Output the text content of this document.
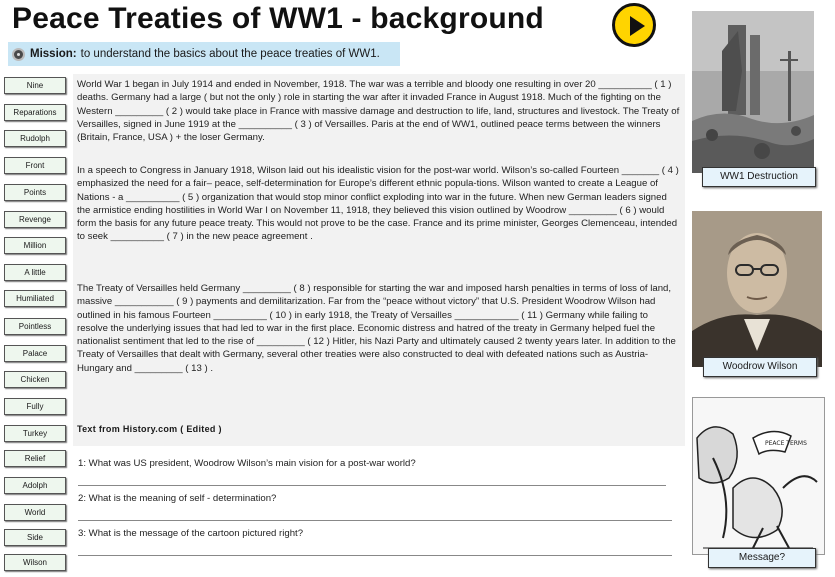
Peace Treaties of WW1 - background
Mission: to understand the basics about the peace treaties of WW1.
Nine
Reparations
Rudolph
Front
Points
Revenge
Million
A little
Humiliated
Pointless
Palace
Chicken
Fully
Turkey
Relief
Adolph
World
Side
Wilson
World War 1 began in July 1914 and ended in November, 1918. The war was a terrible and bloody one resulting in over 20 __________ ( 1 ) deaths. Germany had a large ( but not the only ) role in starting the war after it invaded France in August 1918. Much of the fighting on the Western _________ ( 2 ) would take place in France with massive damage and destruction to life, land, structures and livestock. The Treaty of Versailles, signed in June 1919 at the __________ ( 3 ) of Versailles. Paris at the end of WW1, outlined peace terms between the winners (Britain, France, USA ) + the loser Germany.
In a speech to Congress in January 1918, Wilson laid out his idealistic vision for the post-war world. Wilson’s so-called Fourteen _______ ( 4 ) emphasized the need for a fair– peace, self-determination for Europe’s different ethnic popula-tions. Wilson wanted to create a League of Nations - a __________ ( 5 ) organization that would stop minor conflict exploding into war in the future. When new German leaders signed the armistice ending hostilities in World War I on November 11, 1918, they believed this vision outlined by Woodrow _________ ( 6 ) would form the basis for any future peace treaty. This would not prove to be the case. France and its prime minister, Georges Clemenceau, intended to seek __________ ( 7 ) in the new peace agreement .
The Treaty of Versailles held Germany _________ ( 8 ) responsible for starting the war and imposed harsh penalties in terms of loss of land, massive ___________ ( 9 ) payments and demilitarization. Far from the “peace without victory” that U.S. President Woodrow Wilson had outlined in his famous Fourteen __________ ( 10 ) in early 1918, the Treaty of Versailles ____________ ( 11 ) Germany while failing to resolve the underlying issues that had led to war in the first place. Economic distress and hatred of the treaty in Germany helped fuel the nationalist sentiment that led to the rise of _________ ( 12 ) Hitler, his Nazi Party and ultimately caused 2 twenty years later. In addition to the Treaty of Versailles that dealt with Germany, several other treaties were also constructed to deal with defeated nations such as Austria-Hungary and _________ ( 13 ) .
Text from History.com ( Edited )
1: What was US president, Woodrow Wilson’s main vision for a post-war world?
2: What is the meaning of self - determination?
3: What is the message of the cartoon pictured right?
WW1 Destruction
Woodrow Wilson
PEACE TERMS
Message?
